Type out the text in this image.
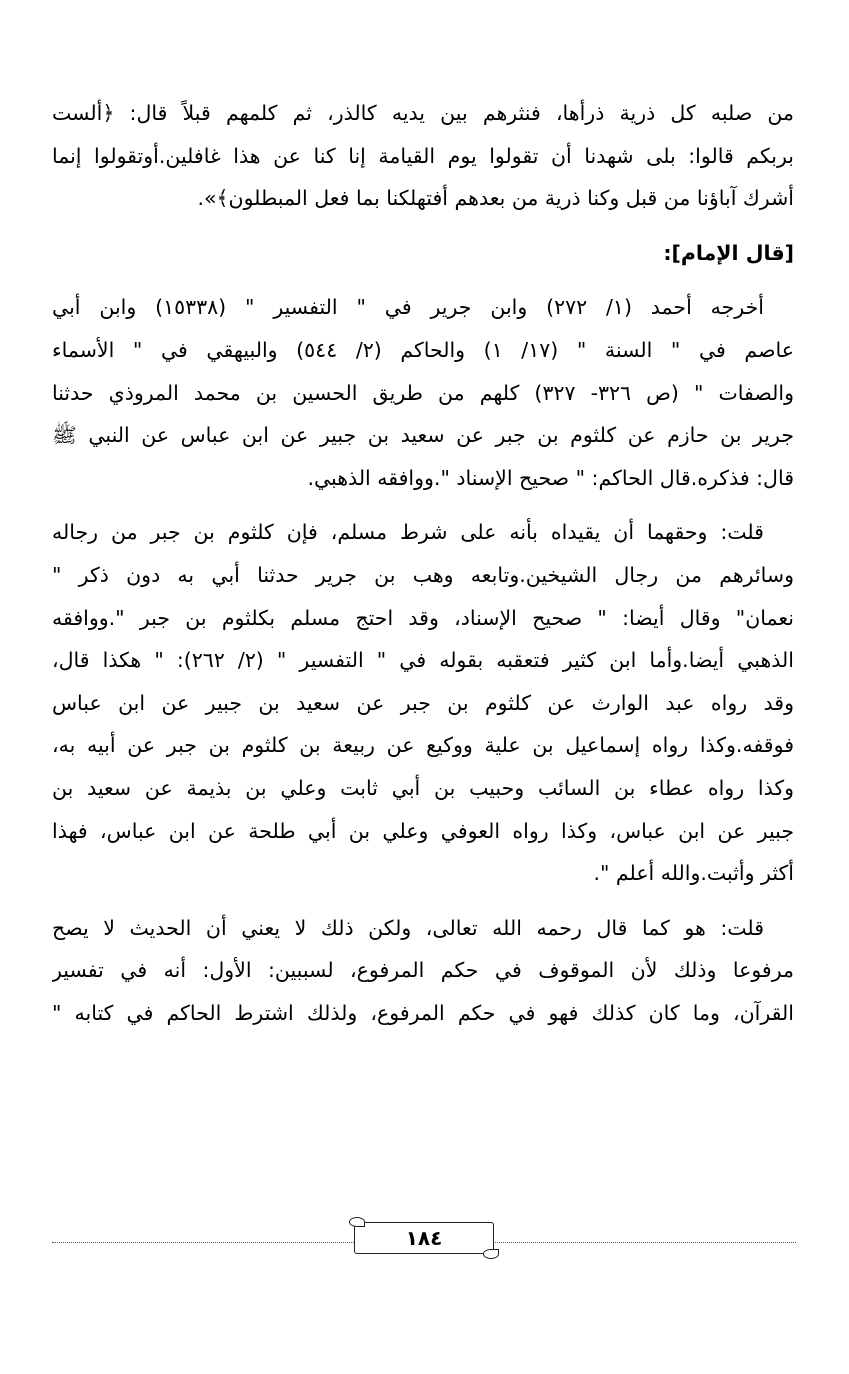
من صلبه كل ذرية ذرأها، فنثرهم بين يديه كالذر، ثم كلمهم قبلاً قال: ﴿ألست
بربكم قالوا: بلى شهدنا أن تقولوا يوم القيامة إنا كنا عن هذا غافلين.أوتقولوا إنما
أشرك آباؤنا من قبل وكنا ذرية من بعدهم أفتهلكنا بما فعل المبطلون﴾».

[قال الإمام]:

أخرجه أحمد (١/ ٢٧٢) وابن جرير في " التفسير " (١٥٣٣٨) وابن أبي
عاصم في " السنة " (١٧/ ١) والحاكم (٢/ ٥٤٤) والبيهقي في " الأسماء
والصفات " (ص ٣٢٦- ٣٢٧) كلهم من طريق الحسين بن محمد المروذي حدثنا
جرير بن حازم عن كلثوم بن جبر عن سعيد بن جبير عن ابن عباس عن النبي ﷺ
قال: فذكره.قال الحاكم: " صحيح الإسناد ".ووافقه الذهبي.
قلت: وحقهما أن يقيداه بأنه على شرط مسلم، فإن كلثوم بن جبر من رجاله
وسائرهم من رجال الشيخين.وتابعه وهب بن جرير حدثنا أبي به دون ذكر "
نعمان" وقال أيضا: " صحيح الإسناد، وقد احتج مسلم بكلثوم بن جبر ".ووافقه
الذهبي أيضا.وأما ابن كثير فتعقبه بقوله في " التفسير " (٢/ ٢٦٢): " هكذا قال،
وقد رواه عبد الوارث عن كلثوم بن جبر عن سعيد بن جبير عن ابن عباس
فوقفه.وكذا رواه إسماعيل بن علية ووكيع عن ربيعة بن كلثوم بن جبر عن أبيه به،
وكذا رواه عطاء بن السائب وحبيب بن أبي ثابت وعلي بن بذيمة عن سعيد بن
جبير عن ابن عباس، وكذا رواه العوفي وعلي بن أبي طلحة عن ابن عباس، فهذا
أكثر وأثبت.والله أعلم ".
قلت: هو كما قال رحمه الله تعالى، ولكن ذلك لا يعني أن الحديث لا يصح
مرفوعا وذلك لأن الموقوف في حكم المرفوع، لسببين: الأول: أنه في تفسير
القرآن، وما كان كذلك فهو في حكم المرفوع، ولذلك اشترط الحاكم في كتابه "
١٨٤
